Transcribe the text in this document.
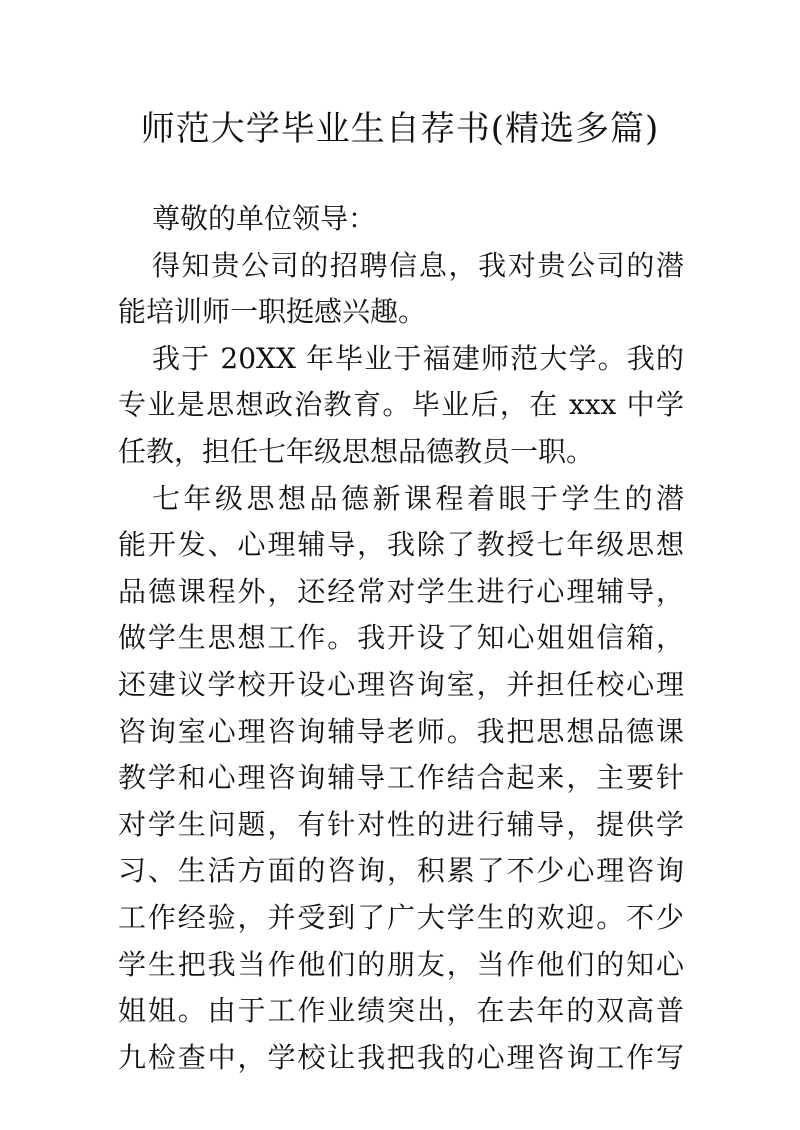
师范大学毕业生自荐书(精选多篇)
尊敬的单位领导：
得知贵公司的招聘信息，我对贵公司的潜
能培训师一职挺感兴趣。
我于 20XX 年毕业于福建师范大学。我的
专业是思想政治教育。毕业后，在 xxx 中学
任教，担任七年级思想品德教员一职。
七年级思想品德新课程着眼于学生的潜
能开发、心理辅导，我除了教授七年级思想
品德课程外，还经常对学生进行心理辅导，
做学生思想工作。我开设了知心姐姐信箱，
还建议学校开设心理咨询室，并担任校心理
咨询室心理咨询辅导老师。我把思想品德课
教学和心理咨询辅导工作结合起来，主要针
对学生问题，有针对性的进行辅导，提供学
习、生活方面的咨询，积累了不少心理咨询
工作经验，并受到了广大学生的欢迎。不少
学生把我当作他们的朋友，当作他们的知心
姐姐。由于工作业绩突出，在去年的双高普
九检查中，学校让我把我的心理咨询工作写
